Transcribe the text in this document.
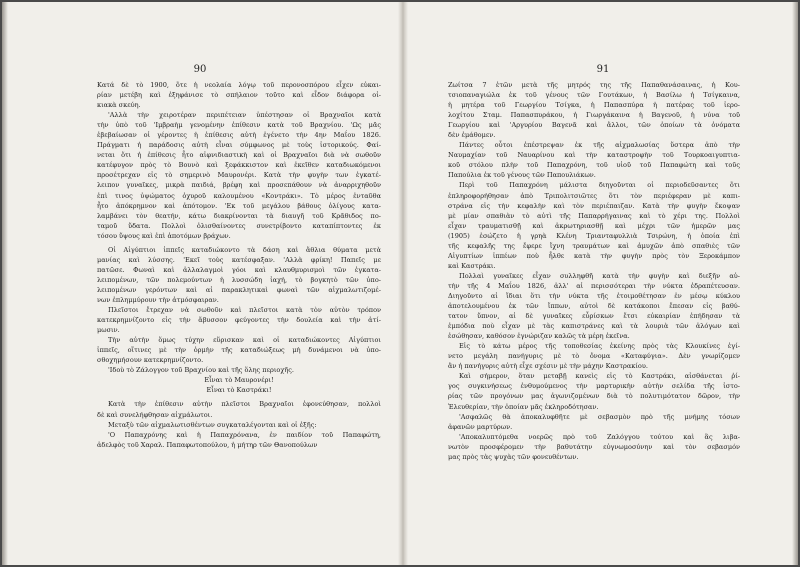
90
Κατά δὲ τὸ 1900, ὅτε ἡ νεολαία λόγῳ τοῦ περονοσπόρου εἶχεν εὐκαι-
ρίαν μετέβη καὶ ἐξηφάνισε τὸ σπήλαιον τοῦτο καὶ εἶδον διάφορα οἰ-
κιακὰ σκεύη.
'Αλλὰ τὴν χειροτέραν περιπέτειαν ὑπέστησαν οἱ Βραχναῖοι κατὰ
τὴν ὑπὸ τοῦ 'Ιμβραὴμ γενομένην ἐπίθεσιν κατὰ τοῦ Βραχνίου. 'Ως μᾶς
ἐβεβαίωσαν οἱ γέροντες ἡ ἐπίθεσις αὐτὴ ἐγένετο τὴν 4ην Μαΐου 1826.
Πράγματι ἡ παράδοσις αὐτὴ εἶναι σύμφωνος μὲ τοὺς ἱστορικούς. Φαί-
νεται ὅτι ἡ ἐπίθεσις ἦτο αἰφνιδιαστικὴ καὶ οἱ Βραχναῖοι διὰ νὰ σωθοῦν
κατέφυγον πρὸς τὸ Βουνὸ καὶ ξεφάκκιστον καὶ ἐκεῖθεν καταδιωκόμενοι
προσέτρεχαν εἰς τὸ σημερινὸ Μαυρονέρι. Κατὰ τὴν φυγὴν των ἐγκατέ-
λειπον γυναῖκες, μικρὰ παιδιά, βρέφη καὶ προσεπάθουν νὰ ἀναρριχηθοῦν
ἐπὶ τινος ὑψώματος ὀχυροῦ καλουμένου «Κοντράκι». Τὸ μέρος ἐνταῦθα
ἦτο ἀπόκρημνον καὶ ἀπότομον. 'Εκ τοῦ μεγάλου βάθους ὀλίγους κατα-
λαμβάνει τὸν θεατήν, κάτω διακρίνονται τὰ διαυγῆ τοῦ Κρᾶθιδος πο-
ταμοῦ ὕδατα. Πολλοὶ ὀλισθαίνοντες συνετρίβοντο καταπίπτοντες ἐκ
τόσου ὕψους καὶ ἐπὶ ἀποτόμων βράχων.
Οἱ Αἰγύπτιοι ἱππεῖς καταδιώκοντο τὰ δάση καὶ ἄθλια θύματα μετὰ
μανίας καὶ λύσσης. 'Εκεῖ τοὺς κατέσφαξαν. 'Αλλὰ φρίκη! Παπεῖς με
πατῶσε. Φωναὶ καὶ ἀλλαλαγμοὶ γόοι καὶ κλαυθμυρισμοὶ τῶν ἐγκατα-
λειπομένων, τῶν πολεμούντων ἡ λυσσώδη ἰαχή, τὸ βογκητὸ τῶν ὑπο-
λειπομένων γερόντων καὶ αἱ παρακλητικαὶ φωναὶ τῶν αἰχμαλωτιζομέ-
νων ἐπλημμύρουν τὴν ἀτμόσφαιραν.
Πλεῖστοι ἔτρεχαν νὰ σωθοῦν καὶ πλεῖστοι κατὰ τὸν αὐτὸν τρόπον
κατεκρημνίζοντο εἰς τὴν ἄβυσσον φεύγοντες τὴν δουλεία καὶ τὴν ἀτί-
μωσιν.
Τὴν αὐτὴν ὅμως τύχην εὕρισκαν καὶ οἱ καταδιώκοντες Αἰγύπτιοι
ἱππεῖς, οἵτινες μὲ τὴν ὁρμὴν τῆς καταδιώξεως μὴ δυνάμενοι νὰ ὑπο-
σθοχημήσουν κατεκρημνίζοντο.
'Ιδοὺ τὸ Ζάλογγον τοῦ Βραχνίου καὶ τῆς ὅλης περιοχῆς.
Εἶναι τὸ Μαυρονέρι!
Εἶναι τὸ Καστράκι!
Κατὰ τὴν ἐπίθεσιν αὐτὴν πλεῖστοι Βραχναῖοι ἐφονεύθησαν, πολλοὶ
δὲ καὶ συνελήφθησαν αἰχμάλωτοι.
Μεταξὺ τῶν αἰχμαλωτισθέντων συγκαταλέγονται καὶ οἱ ἑξῆς:
'Ο Παπαχρόνης καὶ ἡ Παπαχρόνανα, ἐν παιδίον τοῦ Παπαφώτη,
ἀδελφὸς τοῦ Χαραλ. Παπαφωτοπούλου, ἡ μήτηρ τῶν Θανοπούλων
91
Ζωίτσα 7 ἐτῶν μετὰ τῆς μητρός της τῆς Παπαθανάσαινας, ἡ Κου-
τσιοπαναγιώλα ἐκ τοῦ γένους τῶν Γουτάκων, ἡ Βασίλω ἡ Τσίγκαινα,
ἡ μητέρα τοῦ Γεωργίου Τσίγκα, ἡ Παπασπύρα ἡ πατέρας τοῦ ἱερο-
λοχίτου Σταμ. Παπασπυράκου, ἡ Γιωργάκαινα ἡ Βαγενοῦ, ἡ νύνα τοῦ
Γεωργίου καὶ 'Αργυρίου Βαγενᾶ καὶ ἄλλοι, τῶν ὁποίων τὰ ὀνόματα
δὲν ἐμάθομεν.
Πάντες οὗτοι ἐπέστρεψαν ἐκ τῆς αἰχμαλωσίας ὕστερα ἀπὸ τὴν
Ναυμαχίαν τοῦ Ναυαρίνου καὶ τὴν καταστροφὴν τοῦ Τουρκοαιγυπτια-
κοῦ στόλου πλὴν τοῦ Παπαχρόνη, τοῦ υἱοῦ τοῦ Παπαφώτη καὶ τοῦς
Παπούλια ἐκ τοῦ γένους τῶν Παπουλιάκων.
Περὶ τοῦ Παπαχρόνη μάλιστα διηγοῦνται οἱ περιοδεῦσαντες ὅτι
ἐπληροφορήθησαν ἀπὸ Τριπολιτσιῶτες ὅτι τὸν περιέφεραν μὲ καπι-
στράνα εἰς τὴν κεφαλὴν καὶ τὸν περιέπαιζαν. Κατὰ τὴν φυγὴν ἔκοψαν
μὲ μίαν σπαθιὰν τὸ αὐτὶ τῆς Παπαρρήγαινας καὶ τὸ χέρι της. Πολλοὶ
εἶχαν τραυματισθῇ καὶ ἀκρωτηριασθῇ καὶ μέχρι τῶν ἡμερῶν μας
(1905) ἐσώζετο ἡ γρηὰ Κλένη Τριανταφυλλιὰ Τσιρώνη, ἡ ὁποία ἐπὶ
τῆς κεφαλῆς της ἔφερε ἴχνη τραυμάτων καὶ ἀμυχῶν ἀπὸ σπαθιὲς τῶν
Αἰγυπτίων ἱππέων ποὺ ἦλθε κατὰ τὴν φυγὴν πρὸς τὸν Ξεροκάμπον
καὶ Καστράκι.
Πολλαὶ γυναῖκες εἶχαν συλληφθῆ κατὰ τὴν φυγὴν καὶ διεξῆν αὐ-
τὴν τῆς 4 Μαΐου 1826, ἀλλ' αἱ περισσότεραι τὴν νύκτα ἐδραπέτευσαν.
Διηγοῦντο αἱ ἴδιαι ὅτι τὴν νύκτα τῆς ἐτοιμοθέτησαν ἐν μέσῳ κύκλου
ἀποτελουμένου ἐκ τῶν ἵππων, αὐτοὶ δὲ κατάκοποι ἔπεσαν εἰς βαθύ-
τατον ὕπνον, αἱ δὲ γυναῖκες εὗρίσκων ἔτσι εὐκαιρίαν ἐπήδησαν τὰ
ἐμπόδια ποὺ εἶχαν μὲ τὰς καπιστράνες καὶ τὰ λουριὰ τῶν ἀλόγων καὶ
ἐσώθησαν, καθόσον ἐγνώριζαν καλῶς τὰ μέρη ἐκεῖνα.
Εἰς τὸ κάτω μέρος τῆς τοποθεσίας ἐκείνης πρὸς τὰς Κλουκίνες ἐγί-
νετο μεγάλη πανήγυρις μὲ τὸ ὄνομα «Καταφύγια». Δὲν γνωρίζομεν
ἂν ἡ πανήγυρις αὐτὴ εἶχε σχέσιν μὲ τὴν μάχην Καστρακίου.
Καὶ σήμερον, ὅταν μεταβῇ κανεὶς εἰς τὸ Καστράκι, αἰσθάνεται ῥί-
γος συγκινήσεως ἐνθυμούμενος τὴν μαρτυρικὴν αὐτὴν σελίδα τῆς ἱστο-
ρίας τῶν προγόνων μας ἀγωνιζομένων διὰ τὸ πολυτιμότατον δῶρον, τὴν
Ἐλευθερίαν, τὴν ὁποίαν μᾶς ἐκληροδότησαν.
'Ασφαλῶς θὰ ἀποκαλυφθῆτε μὲ σεβασμὸν πρὸ τῆς μνήμης τόσων
ἀφανῶν μαρτύρων.
'Αποκαλυπτόμεθα νοερῶς πρὸ τοῦ Ζαλόγγου τούτου καὶ ἂς λιβα-
νωτὸν προσφέρομεν τὴν βαθυτάτην εὐγνωμοσύνην καὶ τὸν σεβασμόν
μας πρὸς τὰς ψυχὰς τῶν φονευθέντων.
